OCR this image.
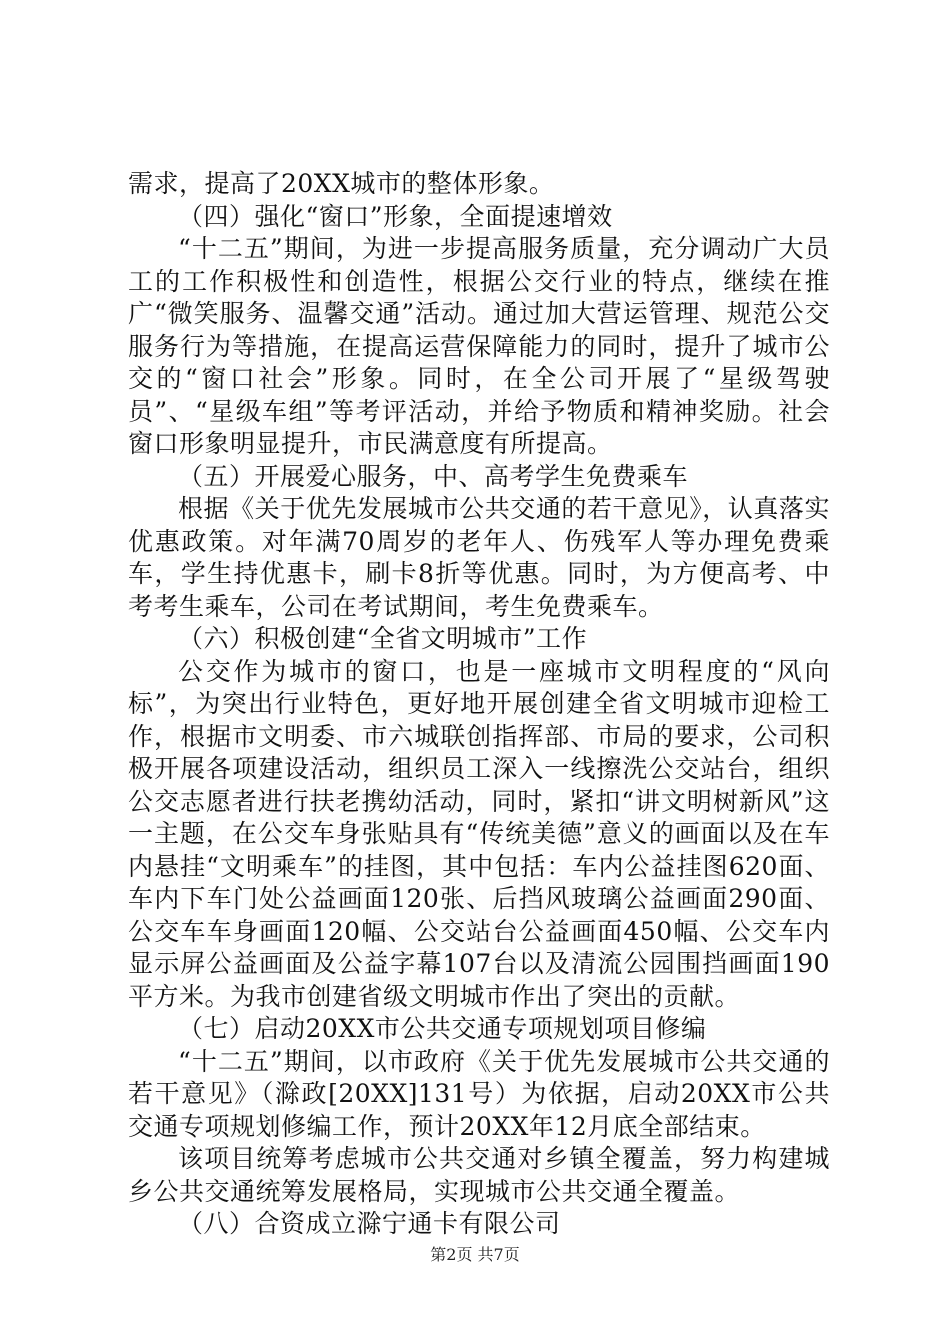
需求，提高了20XX城市的整体形象。

（四）强化“窗口”形象，全面提速增效

“十二五”期间，为进一步提高服务质量，充分调动广大员工的工作积极性和创造性，根据公交行业的特点，继续在推广“微笑服务、温馨交通”活动。通过加大营运管理、规范公交服务行为等措施，在提高运营保障能力的同时，提升了城市公交的“窗口社会”形象。同时，在全公司开展了“星级驾驶员”、“星级车组”等考评活动，并给予物质和精神奖励。社会窗口形象明显提升，市民满意度有所提高。

（五）开展爱心服务，中、高考学生免费乘车

根据《关于优先发展城市公共交通的若干意见》，认真落实优惠政策。对年满70周岁的老年人、伤残军人等办理免费乘车，学生持优惠卡，刷卡8折等优惠。同时，为方便高考、中考考生乘车，公司在考试期间，考生免费乘车。

（六）积极创建“全省文明城市”工作

公交作为城市的窗口，也是一座城市文明程度的“风向标”，为突出行业特色，更好地开展创建全省文明城市迎检工作，根据市文明委、市六城联创指挥部、市局的要求，公司积极开展各项建设活动，组织员工深入一线擦洗公交站台，组织公交志愿者进行扶老携幼活动，同时，紧扣“讲文明树新风”这一主题，在公交车身张贴具有“传统美德”意义的画面以及在车内悬挂“文明乘车”的挂图，其中包括：车内公益挂图620面、车内下车门处公益画面120张、后挡风玻璃公益画面290面、公交车车身画面120幅、公交站台公益画面450幅、公交车内显示屏公益画面及公益字幕107台以及清流公园围挡画面190平方米。为我市创建省级文明城市作出了突出的贡献。

（七）启动20XX市公共交通专项规划项目修编

“十二五”期间，以市政府《关于优先发展城市公共交通的若干意见》（滁政[20XX]131号）为依据，启动20XX市公共交通专项规划修编工作，预计20XX年12月底全部结束。

该项目统筹考虑城市公共交通对乡镇全覆盖，努力构建城乡公共交通统筹发展格局，实现城市公共交通全覆盖。

（八）合资成立滁宁通卡有限公司

第2页 共7页
